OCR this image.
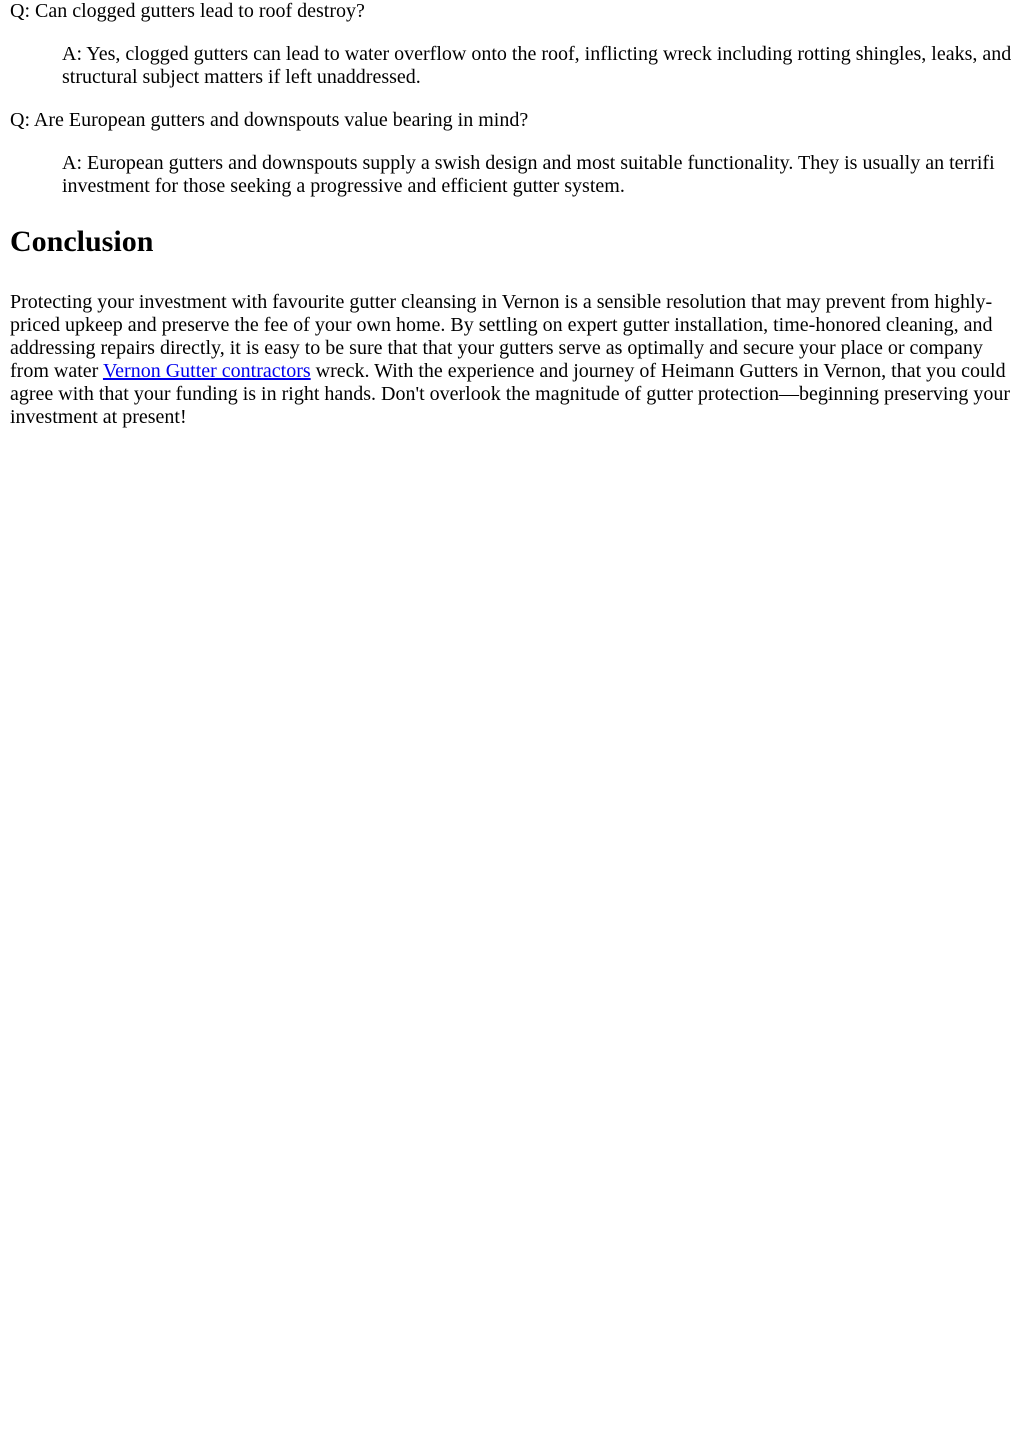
Q: Can clogged gutters lead to roof destroy?

A: Yes, clogged gutters can lead to water overflow onto the roof, inflicting wreck including rotting shingles, leaks, and structural subject matters if left unaddressed.

Q: Are European gutters and downspouts value bearing in mind?

A: European gutters and downspouts supply a swish design and most suitable functionality. They is usually an terrifi investment for those seeking a progressive and efficient gutter system.

Conclusion

Protecting your investment with favourite gutter cleansing in Vernon is a sensible resolution that may prevent from highly-priced upkeep and preserve the fee of your own home. By settling on expert gutter installation, time-honored cleaning, and addressing repairs directly, it is easy to be sure that that your gutters serve as optimally and secure your place or company from water Vernon Gutter contractors wreck. With the experience and journey of Heimann Gutters in Vernon, that you could agree with that your funding is in right hands. Don't overlook the magnitude of gutter protection—beginning preserving your investment at present!
